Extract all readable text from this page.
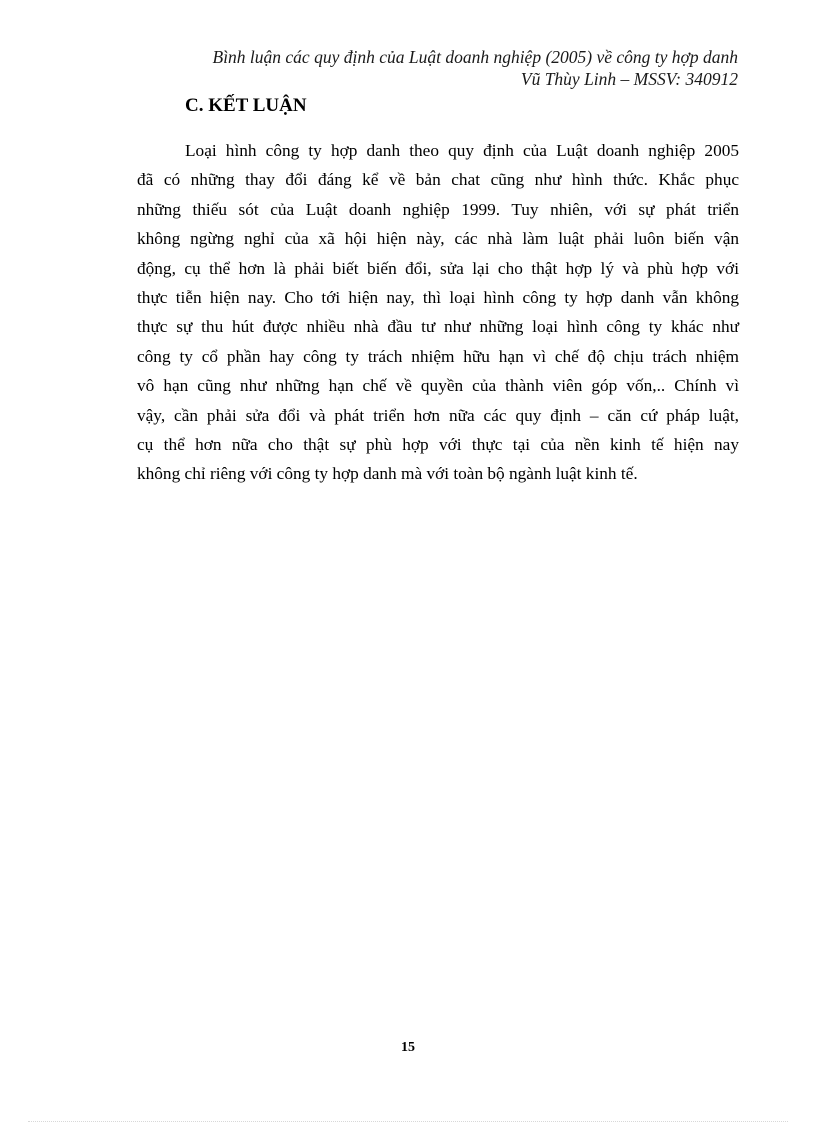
Bình luận các quy định của Luật doanh nghiệp (2005) về công ty hợp danh
Vũ Thùy Linh – MSSV: 340912
C. KẾT LUẬN
Loại hình công ty hợp danh theo quy định của Luật doanh nghiệp 2005
đã có những thay đổi đáng kể về bản chat cũng như hình thức. Khắc phục
những thiếu sót của Luật doanh nghiệp 1999. Tuy nhiên, với sự phát triển
không ngừng nghỉ của xã hội hiện này, các nhà làm luật phải luôn biến vận
động, cụ thể hơn là phải biết biến đổi, sửa lại cho thật hợp lý và phù hợp với
thực tiễn hiện nay. Cho tới hiện nay, thì loại hình công ty hợp danh vẫn không
thực sự thu hút được nhiều nhà đầu tư như những loại hình công ty khác như
công ty cổ phần hay công ty trách nhiệm hữu hạn vì chế độ chịu trách nhiệm
vô hạn cũng như những hạn chế về quyền của thành viên góp vốn,.. Chính vì
vậy, cần phải sửa đổi và phát triển hơn nữa các quy định – căn cứ pháp luật,
cụ thể hơn nữa cho thật sự phù hợp với thực tại của nền kinh tế hiện nay
không chỉ riêng với công ty hợp danh mà với toàn bộ ngành luật kinh tế.
15
